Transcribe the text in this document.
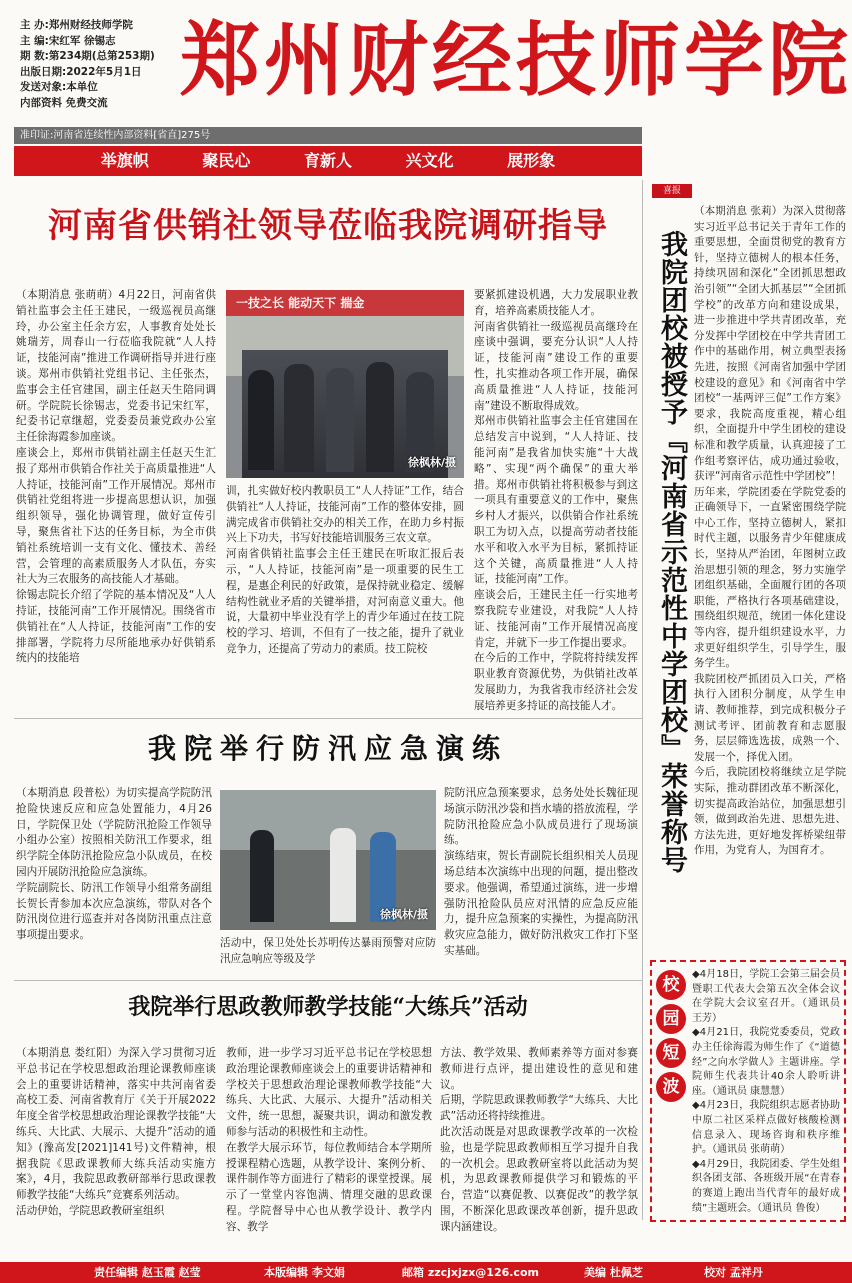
主 办:郑州财经技师学院
主 编:宋红军 徐锡志
期 数:第234期(总第253期)
出版日期:2022年5月1日
发送对象:本单位
内部资料 免费交流 郑州财经技师学院
准印证:河南省连续性内部资料[省直]275号
举旗帜	聚民心	育新人	兴文化	展形象
河南省供销社领导莅临我院调研指导

（本期消息 张萌萌）4月22日，河南省供销社监事会主任王建民，一级巡视员高继玲，办公室主任余方宏，人事教育处处长姚瑞芳，周春山一行莅临我院就“人人持证，技能河南”推进工作调研指导并进行座谈。郑州市供销社党组书记、主任张杰，监事会主任官建国，副主任赵天生陪同调研。学院院长徐锡志，党委书记宋红军，纪委书记章继超，党委委员兼党政办公室主任徐海霞参加座谈。
座谈会上，郑州市供销社副主任赵天生汇报了郑州市供销合作社关于高质量推进“人人持证，技能河南”工作开展情况。郑州市供销社党组将进一步提高思想认识，加强组织领导，强化协调管理，做好宣传引导，聚焦省社下达的任务目标，为全市供销社系统培训一支有文化、懂技术、善经营，会管理的高素质服务人才队伍，夯实社大为三农服务的高技能人才基础。
徐锡志院长介绍了学院的基本情况及“人人持证，技能河南”工作开展情况。围绕省市供销社在“人人持证，技能河南”工作的安排部署，学院将力尽所能地承办好供销系统内的技能培

一技之长 能动天下 揣金
徐枫林/摄

训，扎实做好校内教职员工“人人持证”工作，结合供销社“人人持证，技能河南”工作的整体安排，圆满完成省市供销社交办的相关工作，在助力乡村振兴上下功夫，书写好技能培训服务三农文章。
河南省供销社监事会主任王建民在听取汇报后表示，“人人持证，技能河南”是一项重要的民生工程，是惠企利民的好政策，是保持就业稳定、缓解结构性就业矛盾的关键举措，对河南意义重大。他说，大量初中毕业没有学上的青少年通过在技工院校的学习、培训，不但有了一技之能，提升了就业竞争力，还提高了劳动力的素质。技工院校

要紧抓建设机遇，大力发展职业教育，培养高素质技能人才。
河南省供销社一级巡视员高继玲在座谈中强调，要充分认识“人人持证，技能河南”建设工作的重要性，扎实推动各项工作开展，确保高质量推进“人人持证，技能河南”建设不断取得成效。
郑州市供销社监事会主任官建国在总结发言中说到，“人人持证、技能河南”是我省加快实施“十大战略”、实现“两个确保”的重大举措。郑州市供销社将积极参与到这一项具有重要意义的工作中，聚焦乡村人才振兴，以供销合作社系统职工为切入点，以提高劳动者技能水平和收入水平为目标，紧抓持证这个关键，高质量推进“人人持证，技能河南”工作。
座谈会后，王建民主任一行实地考察我院专业建设，对我院“人人持证、技能河南”工作开展情况高度肯定，并就下一步工作提出要求。
在今后的工作中，学院将持续发挥职业教育资源优势，为供销社改革发展助力，为我省我市经济社会发展培养更多持证的高技能人才。

我院举行防汛应急演练

（本期消息 段普松）为切实提高学院防汛抢险快速反应和应急处置能力，4月26日，学院保卫处（学院防汛抢险工作领导小组办公室）按照相关防汛工作要求，组织学院全体防汛抢险应急小队成员，在校园内开展防汛抢险应急演练。
学院副院长、防汛工作领导小组常务副组长贺长青参加本次应急演练，带队对各个防汛岗位进行巡查并对各岗防汛重点注意事项提出要求。

徐枫林/摄

活动中，保卫处处长苏明传达暴雨预警对应防汛应急响应等级及学

院防汛应急预案要求，总务处处长魏征现场演示防汛沙袋和挡水墙的搭放流程，学院防汛抢险应急小队成员进行了现场演练。
演练结束，贺长青副院长组织相关人员现场总结本次演练中出现的问题，提出整改要求。他强调，希望通过演练，进一步增强防汛抢险队员应对汛情的应急反应能力，提升应急预案的实操性，为提高防汛救灾应急能力，做好防汛救灾工作打下坚实基础。

我院举行思政教师教学技能“大练兵”活动

（本期消息 娄红阳）为深入学习贯彻习近平总书记在学校思想政治理论课教师座谈会上的重要讲话精神，落实中共河南省委高校工委、河南省教育厅《关于开展2022年度全省学校思想政治理论课教学技能“大练兵、大比武、大展示、大提升”活动的通知》(豫高发[2021]141号)文件精神，根据我院《思政课教师大练兵活动实施方案》，4月，我院思政教研部举行思政课教师教学技能“大练兵”竞赛系列活动。
活动伊始，学院思政教研室组织

教师，进一步学习习近平总书记在学校思想政治理论课教师座谈会上的重要讲话精神和学校关于思想政治理论课教师教学技能“大练兵、大比武、大展示、大提升”活动相关文件，统一思想，凝聚共识，调动和激发教师参与活动的积极性和主动性。
在教学大展示环节，每位教师结合本学期所授课程精心选题，从教学设计、案例分析、课件制作等方面进行了精彩的课堂授课。展示了一堂堂内容饱满、情理交融的思政课程。学院督导中心也从教学设计、教学内容、教学

方法、教学效果、教师素养等方面对参赛教师进行点评，提出建设性的意见和建议。
后期，学院思政课教师教学“大练兵、大比武”活动还将持续推进。
此次活动既是对思政课教学改革的一次检验，也是学院思政教师相互学习提升自我的一次机会。思政教研室将以此活动为契机，为思政课教师提供学习和锻炼的平台，营造“以赛促教、以赛促改”的教学氛围，不断深化思政课改革创新，提升思政课内涵建设。

喜报
我院团校被授予『河南省示范性中学团校』荣誉称号

（本期消息 张莉）为深入贯彻落实习近平总书记关于青年工作的重要思想，全面贯彻党的教育方针，坚持立德树人的根本任务，持续巩固和深化“全团抓思想政治引领”“全团大抓基层”“全团抓学校”的改革方向和建设成果，进一步推进中学共青团改革，充分发挥中学团校在中学共青团工作中的基础作用，树立典型表扬先进，按照《河南省加强中学团校建设的意见》和《河南省中学团校“一基两评三促”工作方案》要求，我院高度重视，精心组织，全面提升中学生团校的建设标准和教学质量，认真迎接了工作组考察评估，成功通过验收，获评“河南省示范性中学团校”！
历年来，学院团委在学院党委的正确领导下，一直紧密围绕学院中心工作，坚持立德树人，紧扣时代主题，以服务青少年健康成长，坚持从严治团，年图树立政治思想引领的理念，努力实施学团组织基础，全面履行团的各项职能，严格执行各项基础建设，围绕组织规范，统团一体化建设等内容，提升组织建设水平，力求更好组织学生，引导学生，服务学生。
我院团校严抓团员入口关，严格执行入团积分制度，从学生申请、教师推荐，到完成积极分子测试考评、团前教育和志愿服务，层层筛选选拔，成熟一个、发展一个，择优入团。
今后，我院团校将继续立足学院实际，推动群团改革不断深化，切实提高政治站位，加强思想引领，做到政治先进、思想先进、方法先进，更好地发挥桥梁纽带作用，为党育人，为国育才。

校
园
短
波

◆4月18日，学院工会第三届会员暨职工代表大会第五次全体会议在学院大会议室召开。（通讯员 王芳）

◆4月21日，我院党委委员，党政办主任徐海霞为师生作了《“道德经”之向水学做人》主题讲座。学院师生代表共计40余人聆听讲座。（通讯员 康慧慧）

◆4月23日，我院组织志愿者协助中原二社区采样点做好核酸检测信息录入、现场咨询和秩序维护。（通讯员 张萌萌）

◆4月29日，我院团委、学生处组织各团支部、各班级开展“在青春的赛道上跑出当代青年的最好成绩”主题班会。（通讯员 鲁俊）

责任编辑 赵玉霞 赵莹	本版编辑 李文娟	邮箱 zzcjxjzx@126.com	美编 杜佩芝	校对 孟祥丹
